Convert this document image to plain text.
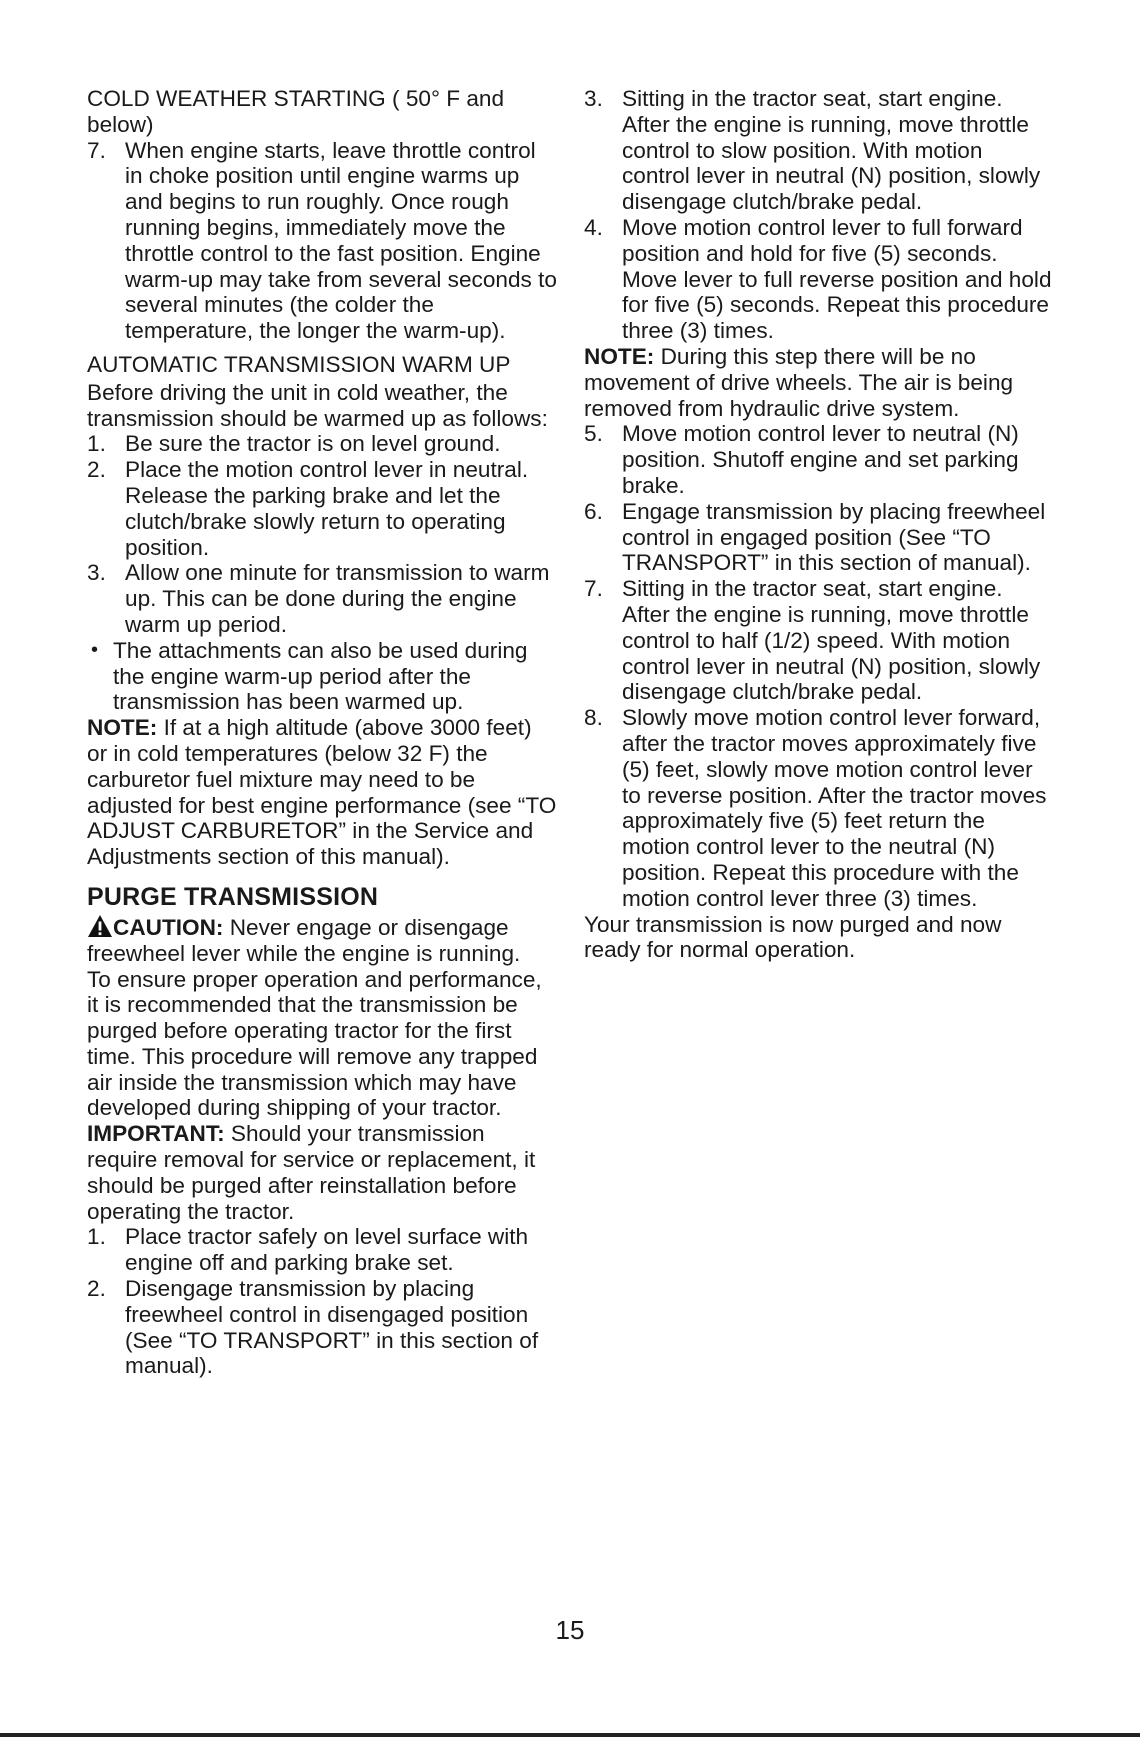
COLD WEATHER STARTING ( 50° F and below)

7. When engine starts, leave throttle control in choke position until engine warms up and begins to run roughly. Once rough running begins, immediately move the throttle control to the fast position. Engine warm-up may take from several seconds to several minutes (the colder the temperature, the longer the warm-up).

AUTOMATIC TRANSMISSION WARM UP

Before driving the unit in cold weather, the transmission should be warmed up as follows:

1. Be sure the tractor is on level ground.
2. Place the motion control lever in neutral. Release the parking brake and let the clutch/brake slowly return to operating position.
3. Allow one minute for transmission to warm up. This can be done during the engine warm up period.
• The attachments can also be used during the engine warm-up period after the transmission has been warmed up.

NOTE: If at a high altitude (above 3000 feet) or in cold temperatures (below 32 F) the carburetor fuel mixture may need to be adjusted for best engine performance (see “TO ADJUST CARBURETOR” in the Service and Adjustments section of this manual).

PURGE TRANSMISSION

CAUTION: Never engage or disengage freewheel lever while the engine is running.

To ensure proper operation and performance, it is recommended that the transmission be purged before operating tractor for the first time. This procedure will remove any trapped air inside the transmission which may have developed during shipping of your tractor.

IMPORTANT: Should your transmission require removal for service or replacement, it should be purged after reinstallation before operating the tractor.

1. Place tractor safely on level surface with engine off and parking brake set.
2. Disengage transmission by placing freewheel control in disengaged position (See “TO TRANSPORT” in this section of manual).
3. Sitting in the tractor seat, start engine. After the engine is running, move throttle control to slow position. With motion control lever in neutral (N) position, slowly disengage clutch/brake pedal.
4. Move motion control lever to full forward position and hold for five (5) seconds. Move lever to full reverse position and hold for five (5) seconds. Repeat this procedure three (3) times.

NOTE: During this step there will be no movement of drive wheels. The air is being removed from hydraulic drive system.

5. Move motion control lever to neutral (N) position. Shutoff engine and set parking brake.
6. Engage transmission by placing freewheel control in engaged position (See “TO TRANSPORT” in this section of manual).
7. Sitting in the tractor seat, start engine. After the engine is running, move throttle control to half (1/2) speed. With motion control lever in neutral (N) position, slowly disengage clutch/brake pedal.
8. Slowly move motion control lever forward, after the tractor moves approximately five (5) feet, slowly move motion control lever to reverse position. After the tractor moves approximately five (5) feet return the motion control lever to the neutral (N) position. Repeat this procedure with the motion control lever three (3) times.

Your transmission is now purged and now ready for normal operation.

15
